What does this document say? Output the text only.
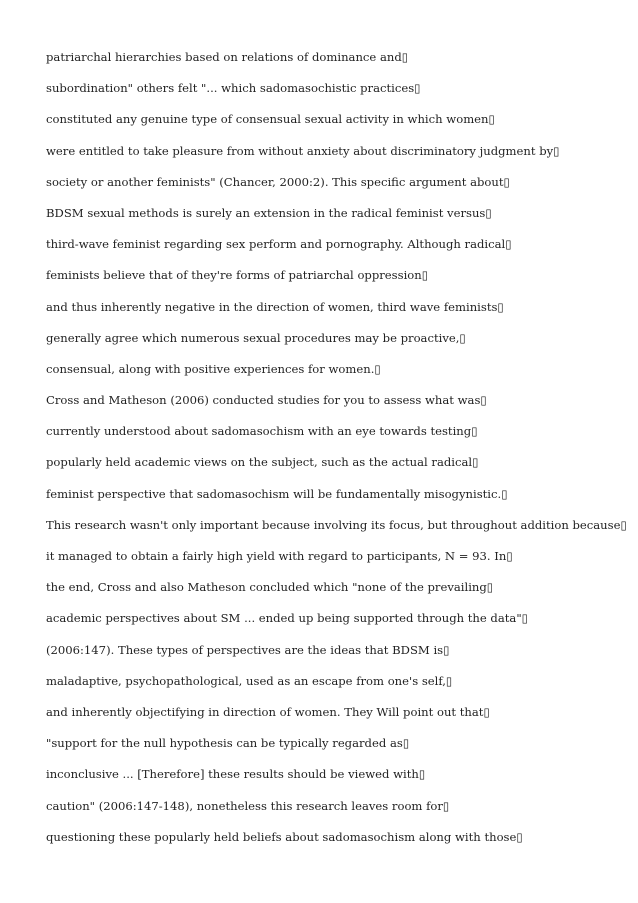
patriarchal hierarchies based on relations of dominance and▯
subordination" others felt "... which sadomasochistic practices▯
constituted any genuine type of consensual sexual activity in which women▯
were entitled to take pleasure from without anxiety about discriminatory judgment by▯
society or another feminists" (Chancer, 2000:2). This specific argument about▯
BDSM sexual methods is surely an extension in the radical feminist versus▯
third-wave feminist regarding sex perform and pornography. Although radical▯
feminists believe that of they're forms of patriarchal oppression▯
and thus inherently negative in the direction of women, third wave feminists▯
generally agree which numerous sexual procedures may be proactive,▯
consensual, along with positive experiences for women.▯
Cross and Matheson (2006) conducted studies for you to assess what was▯
currently understood about sadomasochism with an eye towards testing▯
popularly held academic views on the subject, such as the actual radical▯
feminist perspective that sadomasochism will be fundamentally misogynistic.▯
This research wasn't only important because involving its focus, but throughout addition because▯
it managed to obtain a fairly high yield with regard to participants, N = 93. In▯
the end, Cross and also Matheson concluded which "none of the prevailing▯
academic perspectives about SM ... ended up being supported through the data"▯
(2006:147). These types of perspectives are the ideas that BDSM is▯
maladaptive, psychopathological, used as an escape from one's self,▯
and inherently objectifying in direction of women. They Will point out that▯
"support for the null hypothesis can be typically regarded as▯
inconclusive ... [Therefore] these results should be viewed with▯
caution" (2006:147-148), nonetheless this research leaves room for▯
questioning these popularly held beliefs about sadomasochism along with those▯
